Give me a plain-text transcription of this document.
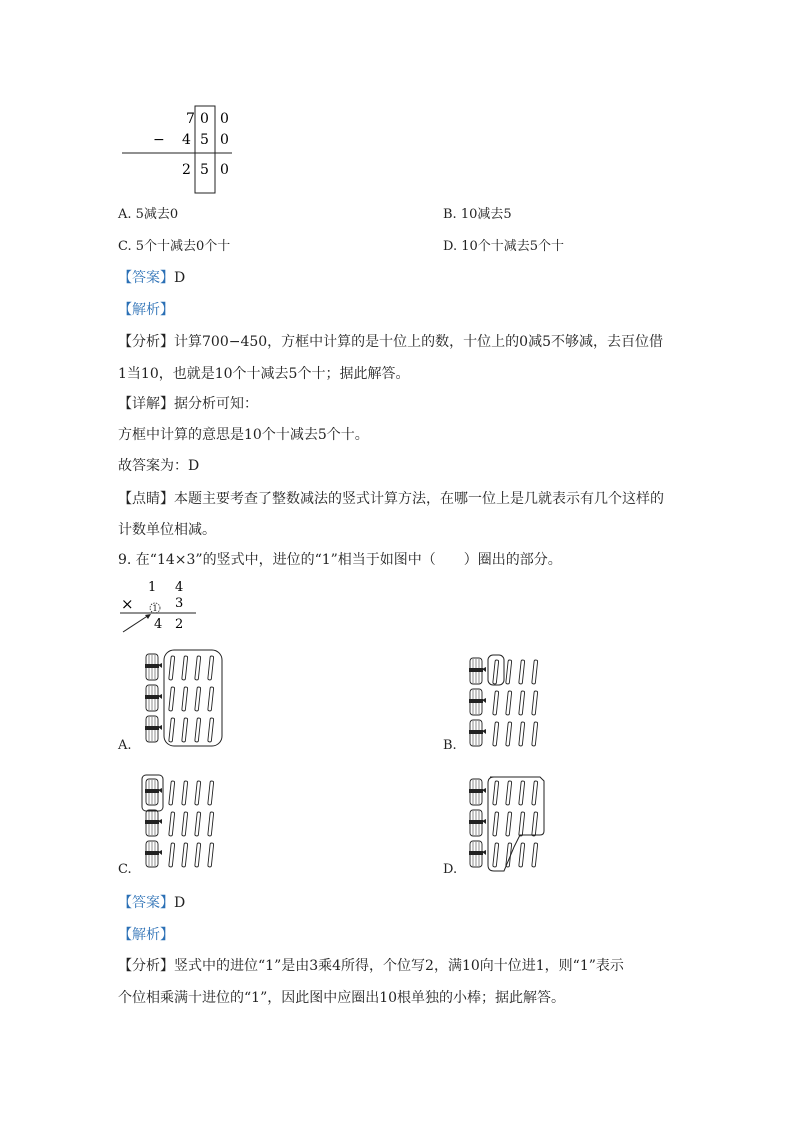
7 0 0
− 4 5 0
2 5 0
A. 5减去0	B. 10减去5
C. 5个十减去0个十	D. 10个十减去5个十
【答案】D
【解析】
【分析】计算700−450，方框中计算的是十位上的数，十位上的0减5不够减，去百位借
1当10，也就是10个十减去5个十；据此解答。
【详解】据分析可知：
方框中计算的意思是10个十减去5个十。
故答案为：D
【点睛】本题主要考查了整数减法的竖式计算方法，在哪一位上是几就表示有几个这样的
计数单位相减。
9. 在“14×3”的竖式中，进位的“1”相当于如图中（　　）圈出的部分。
1 4
× 1 3
4 2
A.	B.
C.	D.
【答案】D
【解析】
【分析】竖式中的进位“1”是由3乘4所得，个位写2，满10向十位进1，则“1”表示
个位相乘满十进位的“1”，因此图中应圈出10根单独的小棒；据此解答。
